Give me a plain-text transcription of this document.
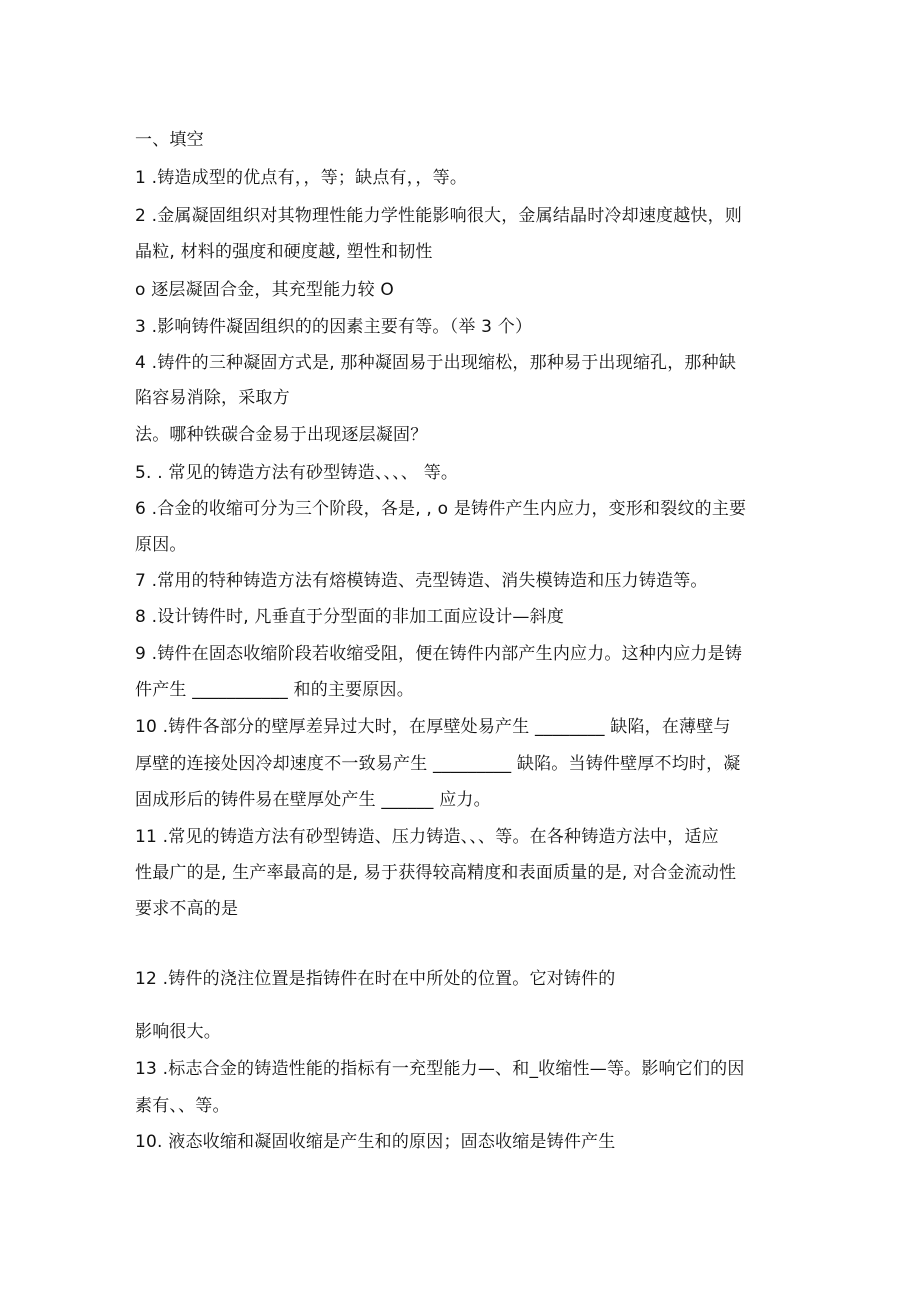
一、填空
1 .铸造成型的优点有，，等；缺点有，，等。
2 .金属凝固组织对其物理性能力学性能影响很大，金属结晶时冷却速度越快，则
晶粒, 材料的强度和硬度越, 塑性和韧性
o 逐层凝固合金，其充型能力较 O
3 .影响铸件凝固组织的的因素主要有等。（举 3 个）
4 .铸件的三种凝固方式是, 那种凝固易于出现缩松，那种易于出现缩孔，那种缺
陷容易消除，采取方
法。哪种铁碳合金易于出现逐层凝固？
5. . 常见的铸造方法有砂型铸造、、、、 等。
6 .合金的收缩可分为三个阶段，各是, , o 是铸件产生内应力，变形和裂纹的主要
原因。
7 .常用的特种铸造方法有熔模铸造、壳型铸造、消失模铸造和压力铸造等。
8 .设计铸件时, 凡垂直于分型面的非加工面应设计—斜度
9 .铸件在固态收缩阶段若收缩受阻，便在铸件内部产生内应力。这种内应力是铸
件产生 ___________ 和的主要原因。
10 .铸件各部分的壁厚差异过大时，在厚壁处易产生 ________ 缺陷，在薄壁与
厚壁的连接处因冷却速度不一致易产生 _________ 缺陷。当铸件壁厚不均时，凝
固成形后的铸件易在壁厚处产生 ______ 应力。
11 .常见的铸造方法有砂型铸造、压力铸造、、、等。在各种铸造方法中，适应
性最广的是, 生产率最高的是, 易于获得较高精度和表面质量的是, 对合金流动性
要求不高的是
12 .铸件的浇注位置是指铸件在时在中所处的位置。它对铸件的
影响很大。
13 .标志合金的铸造性能的指标有一充型能力—、和_收缩性—等。影响它们的因
素有、、等。
10. 液态收缩和凝固收缩是产生和的原因；固态收缩是铸件产生
